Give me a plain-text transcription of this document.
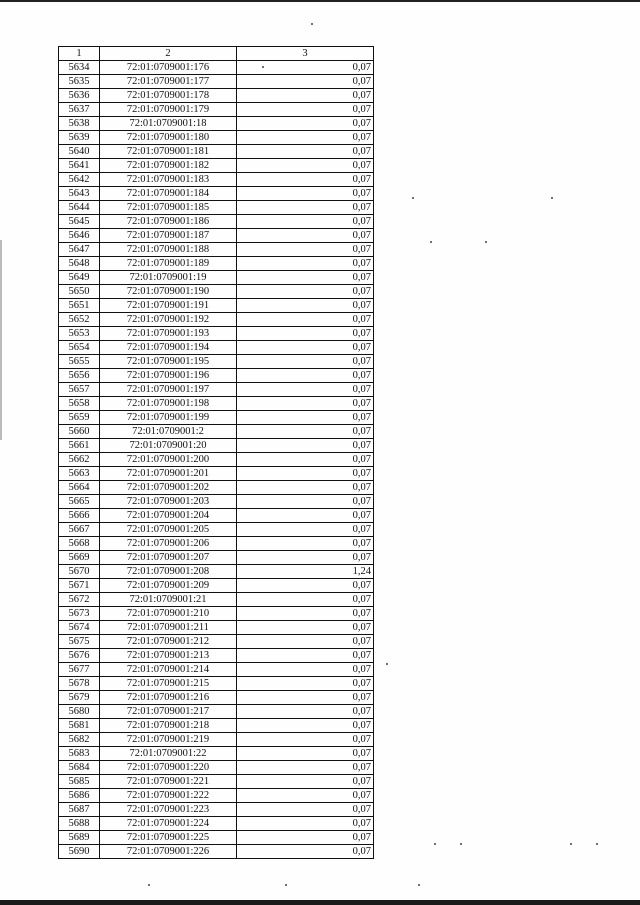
1	2	3
5634	72:01:0709001:176	0,07
5635	72:01:0709001:177	0,07
5636	72:01:0709001:178	0,07
5637	72:01:0709001:179	0,07
5638	72:01:0709001:18	0,07
5639	72:01:0709001:180	0,07
5640	72:01:0709001:181	0,07
5641	72:01:0709001:182	0,07
5642	72:01:0709001:183	0,07
5643	72:01:0709001:184	0,07
5644	72:01:0709001:185	0,07
5645	72:01:0709001:186	0,07
5646	72:01:0709001:187	0,07
5647	72:01:0709001:188	0,07
5648	72:01:0709001:189	0,07
5649	72:01:0709001:19	0,07
5650	72:01:0709001:190	0,07
5651	72:01:0709001:191	0,07
5652	72:01:0709001:192	0,07
5653	72:01:0709001:193	0,07
5654	72:01:0709001:194	0,07
5655	72:01:0709001:195	0,07
5656	72:01:0709001:196	0,07
5657	72:01:0709001:197	0,07
5658	72:01:0709001:198	0,07
5659	72:01:0709001:199	0,07
5660	72:01:0709001:2	0,07
5661	72:01:0709001:20	0,07
5662	72:01:0709001:200	0,07
5663	72:01:0709001:201	0,07
5664	72:01:0709001:202	0,07
5665	72:01:0709001:203	0,07
5666	72:01:0709001:204	0,07
5667	72:01:0709001:205	0,07
5668	72:01:0709001:206	0,07
5669	72:01:0709001:207	0,07
5670	72:01:0709001:208	1,24
5671	72:01:0709001:209	0,07
5672	72:01:0709001:21	0,07
5673	72:01:0709001:210	0,07
5674	72:01:0709001:211	0,07
5675	72:01:0709001:212	0,07
5676	72:01:0709001:213	0,07
5677	72:01:0709001:214	0,07
5678	72:01:0709001:215	0,07
5679	72:01:0709001:216	0,07
5680	72:01:0709001:217	0,07
5681	72:01:0709001:218	0,07
5682	72:01:0709001:219	0,07
5683	72:01:0709001:22	0,07
5684	72:01:0709001:220	0,07
5685	72:01:0709001:221	0,07
5686	72:01:0709001:222	0,07
5687	72:01:0709001:223	0,07
5688	72:01:0709001:224	0,07
5689	72:01:0709001:225	0,07
5690	72:01:0709001:226	0,07
